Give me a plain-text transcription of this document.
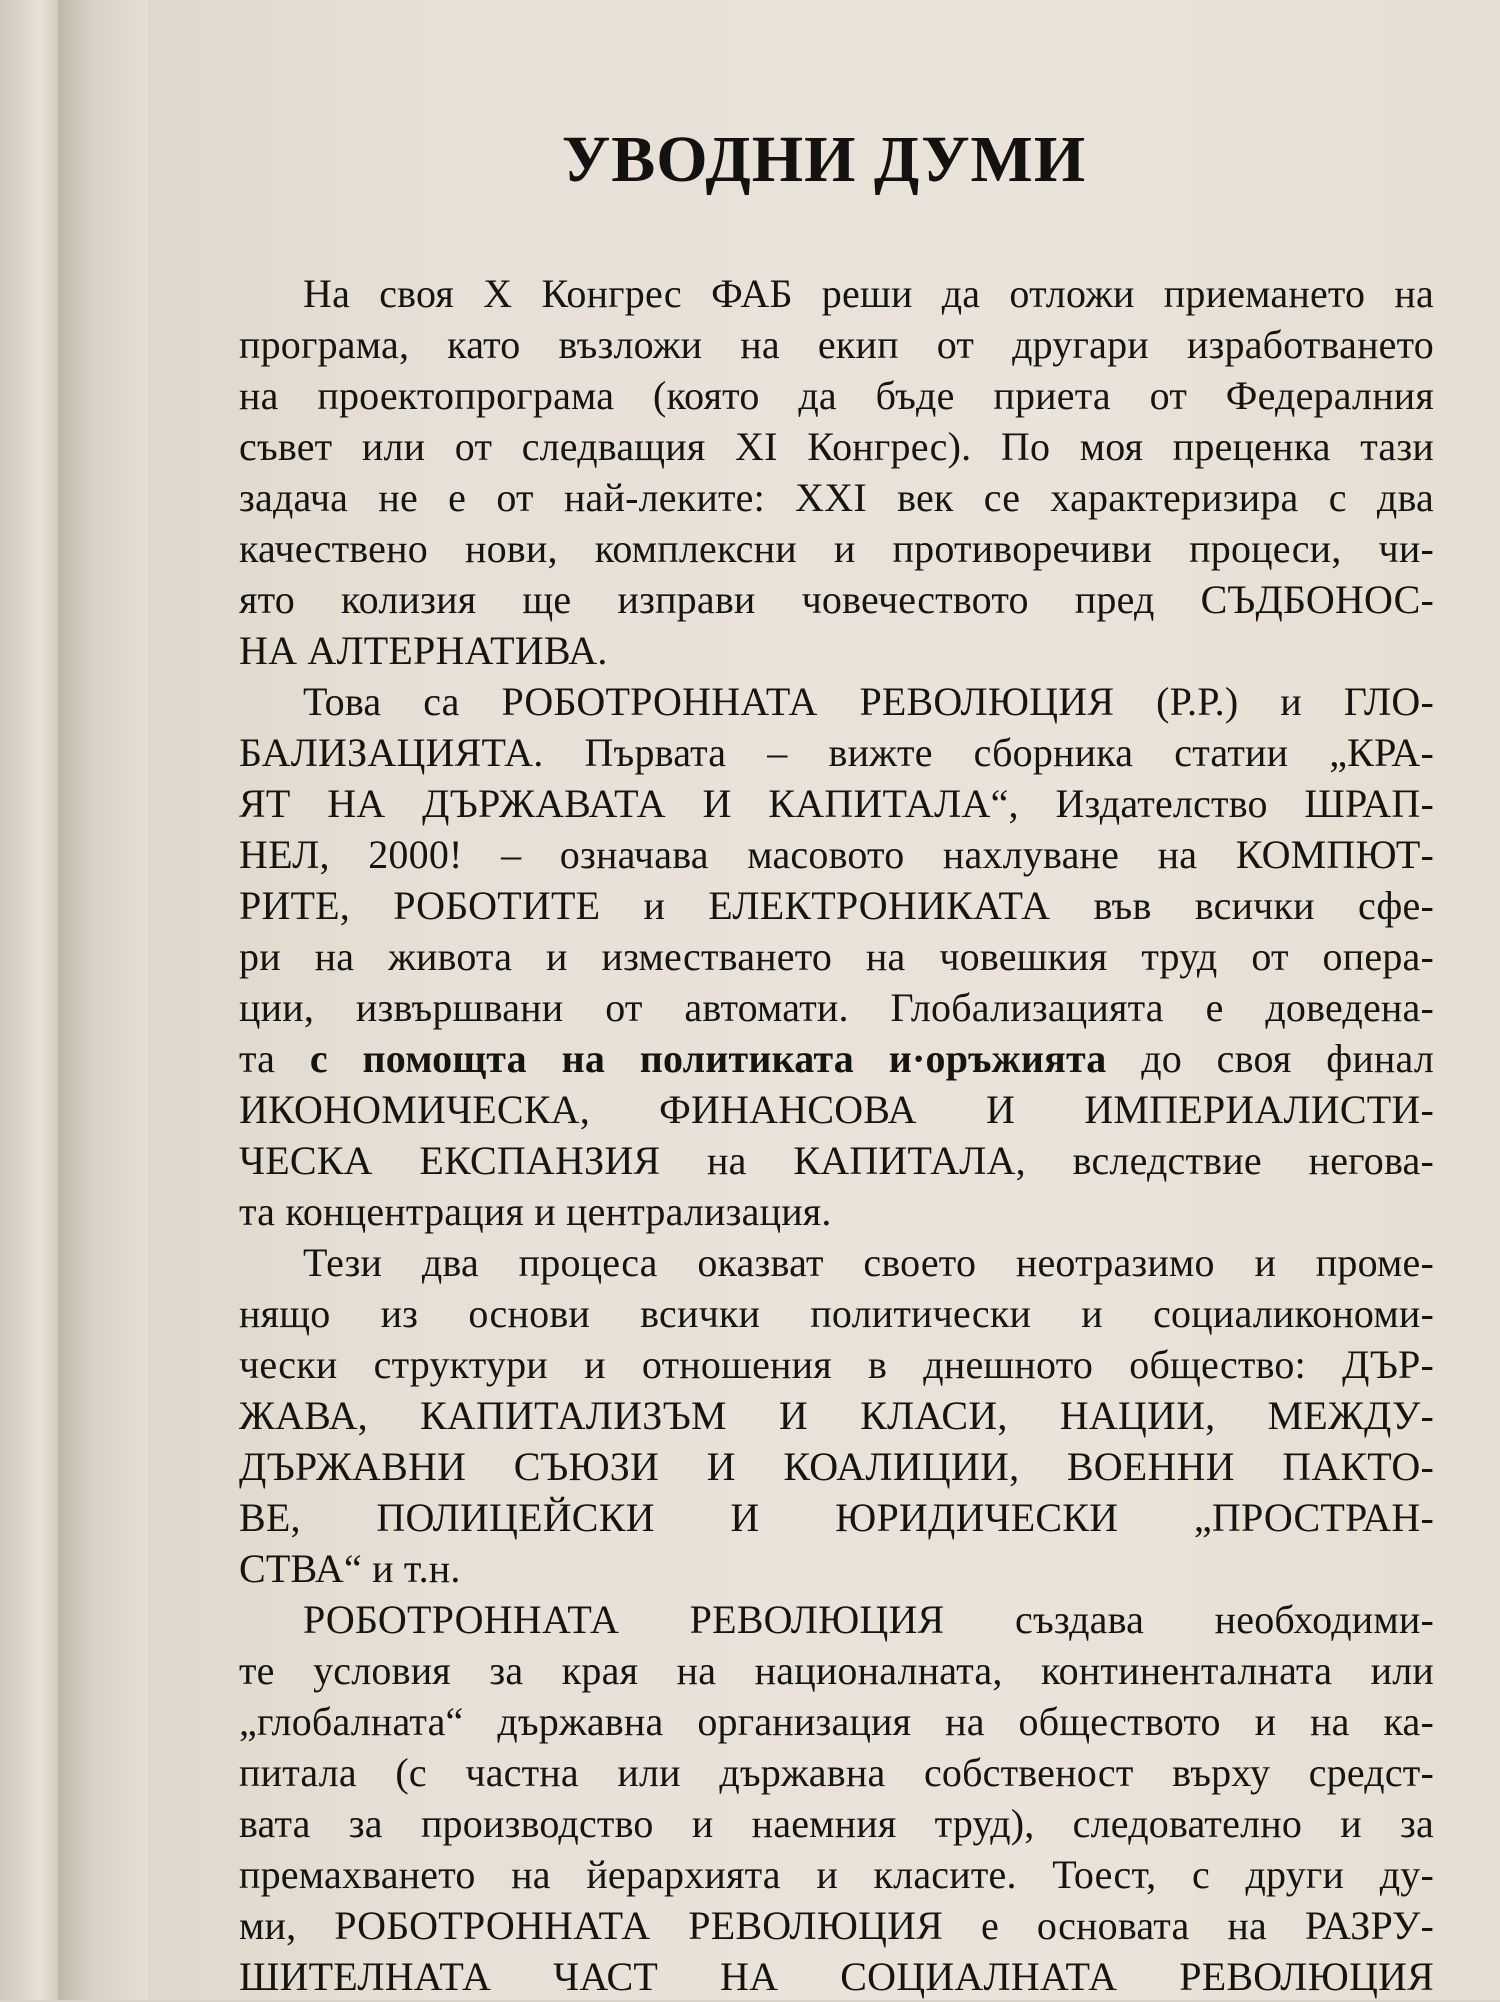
УВОДНИ ДУМИ
На своя X Конгрес ФАБ реши да отложи приемането на
програма, като възложи на екип от другари изработването
на проектопрограма (която да бъде приета от Федералния
съвет или от следващия XI Конгрес). По моя преценка тази
задача не е от най-леките: XXI век се характеризира с два
качествено нови, комплексни и противоречиви процеси, чи-
ято колизия ще изправи човечеството пред СЪДБОНОС-
НА АЛТЕРНАТИВА.
Това са РОБОТРОННАТА РЕВОЛЮЦИЯ (Р.Р.) и ГЛО-
БАЛИЗАЦИЯТА. Първата – вижте сборника статии „КРА-
ЯТ НА ДЪРЖАВАТА И КАПИТАЛА“, Издателство ШРАП-
НЕЛ, 2000! – означава масовото нахлуване на КОМПЮТ-
РИТЕ, РОБОТИТЕ и ЕЛЕКТРОНИКАТА във всички сфе-
ри на живота и изместването на човешкия труд от опера-
ции, извършвани от автомати. Глобализацията е доведена-
та с помощта на политиката и·оръжията до своя финал
ИКОНОМИЧЕСКА, ФИНАНСОВА И ИМПЕРИАЛИСТИ-
ЧЕСКА ЕКСПАНЗИЯ на КАПИТАЛА, вследствие негова-
та концентрация и централизация.
Тези два процеса оказват своето неотразимо и проме-
нящо из основи всички политически и социаликономи-
чески структури и отношения в днешното общество: ДЪР-
ЖАВА, КАПИТАЛИЗЪМ И КЛАСИ, НАЦИИ, МЕЖДУ-
ДЪРЖАВНИ СЪЮЗИ И КОАЛИЦИИ, ВОЕННИ ПАКТО-
ВЕ, ПОЛИЦЕЙСКИ И ЮРИДИЧЕСКИ „ПРОСТРАН-
СТВА“ и т.н.
РОБОТРОННАТА РЕВОЛЮЦИЯ създава необходими-
те условия за края на националната, континенталната или
„глобалната“ държавна организация на обществото и на ка-
питала (с частна или държавна собственост върху средст-
вата за производство и наемния труд), следователно и за
премахването на йерархията и класите. Тоест, с други ду-
ми, РОБОТРОННАТА РЕВОЛЮЦИЯ е основата на РАЗРУ-
ШИТЕЛНАТА ЧАСТ НА СОЦИАЛНАТА РЕВОЛЮЦИЯ
